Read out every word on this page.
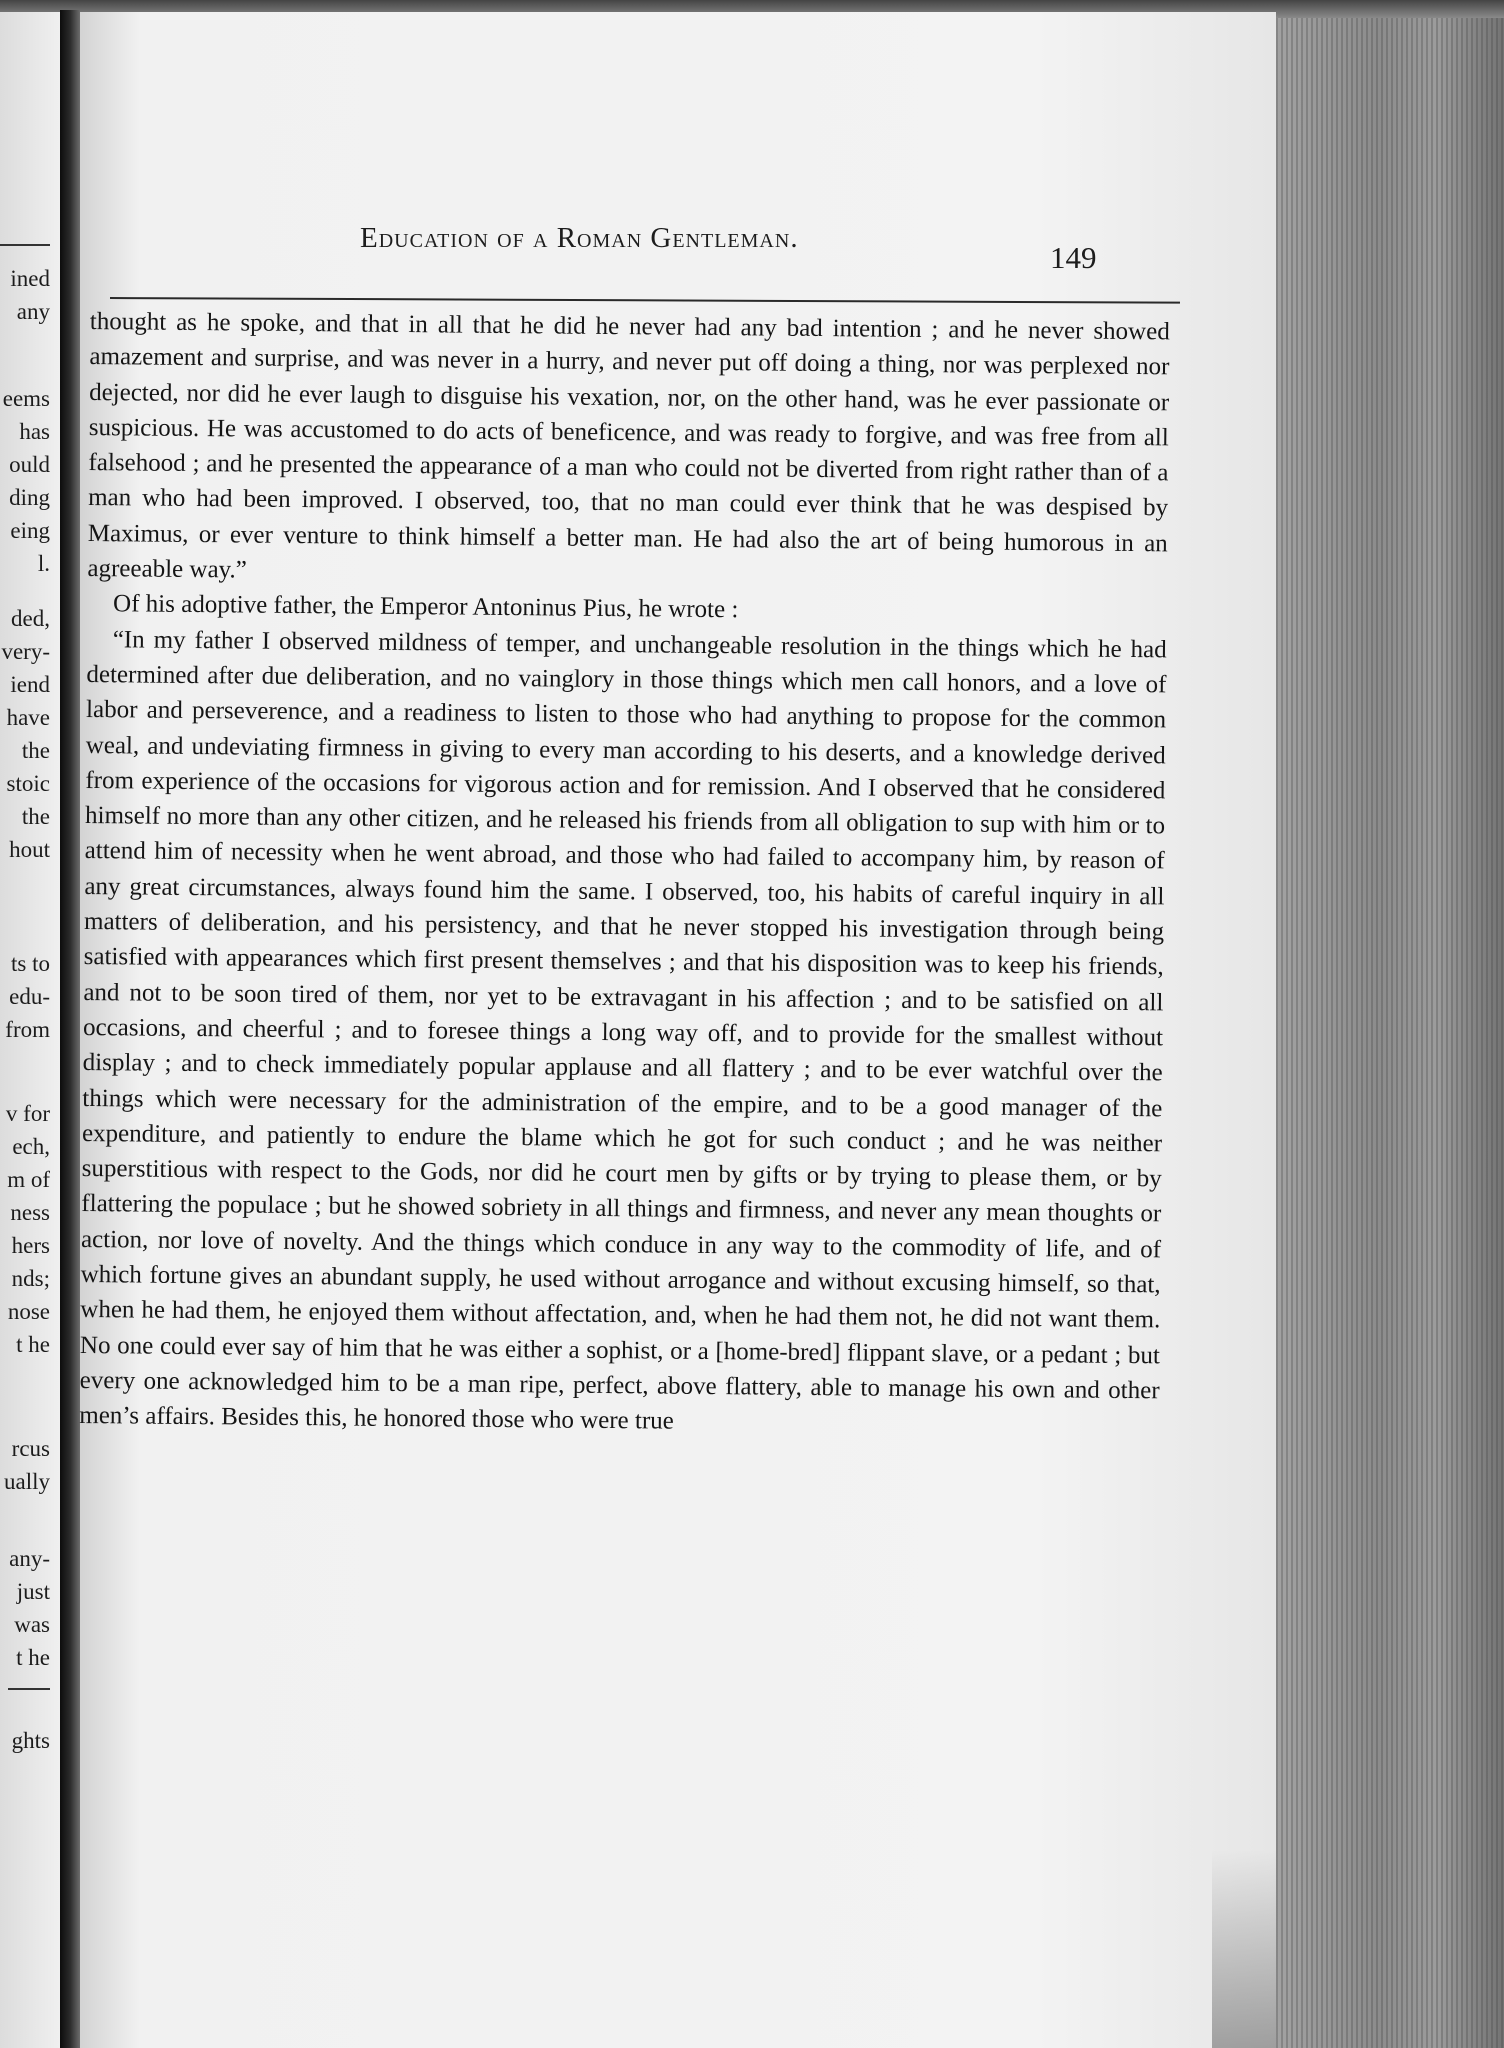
ined
any
eems
has
ould
ding
eing
l.
ded,
very-
iend
have
the
stoic
the
hout
ts to
edu-
from
v for
ech,
m of
ness
hers
nds;
nose
t he
rcus
ually
any-
just
was
t he
ghts
Education of a Roman Gentleman.
149

thought as he spoke, and that in all that he did he never had any bad intention ; and he never showed amazement and surprise, and was never in a hurry, and never put off doing a thing, nor was perplexed nor dejected, nor did he ever laugh to disguise his vexation, nor, on the other hand, was he ever passionate or suspicious. He was accustomed to do acts of beneficence, and was ready to forgive, and was free from all falsehood ; and he presented the appearance of a man who could not be diverted from right rather than of a man who had been improved. I observed, too, that no man could ever think that he was despised by Maximus, or ever venture to think himself a better man. He had also the art of being humorous in an agreeable way.”

Of his adoptive father, the Emperor Antoninus Pius, he wrote :

“In my father I observed mildness of temper, and unchangeable resolution in the things which he had determined after due deliberation, and no vainglory in those things which men call honors, and a love of labor and perseverence, and a readiness to listen to those who had anything to propose for the common weal, and undeviating firmness in giving to every man according to his deserts, and a knowledge derived from experience of the occasions for vigorous action and for remission. And I observed that he considered himself no more than any other citizen, and he released his friends from all obligation to sup with him or to attend him of necessity when he went abroad, and those who had failed to accompany him, by reason of any great circumstances, always found him the same. I observed, too, his habits of careful inquiry in all matters of deliberation, and his persistency, and that he never stopped his investigation through being satisfied with appearances which first present themselves ; and that his disposition was to keep his friends, and not to be soon tired of them, nor yet to be extravagant in his affection ; and to be satisfied on all occasions, and cheerful ; and to foresee things a long way off, and to provide for the smallest without display ; and to check immediately popular applause and all flattery ; and to be ever watchful over the things which were necessary for the administration of the empire, and to be a good manager of the expenditure, and patiently to endure the blame which he got for such conduct ; and he was neither superstitious with respect to the Gods, nor did he court men by gifts or by trying to please them, or by flattering the populace ; but he showed sobriety in all things and firmness, and never any mean thoughts or action, nor love of novelty. And the things which conduce in any way to the commodity of life, and of which fortune gives an abundant supply, he used without arrogance and without excusing himself, so that, when he had them, he enjoyed them without affectation, and, when he had them not, he did not want them. No one could ever say of him that he was either a sophist, or a [home-bred] flippant slave, or a pedant ; but every one acknowledged him to be a man ripe, perfect, above flattery, able to manage his own and other men’s affairs. Besides this, he honored those who were true
